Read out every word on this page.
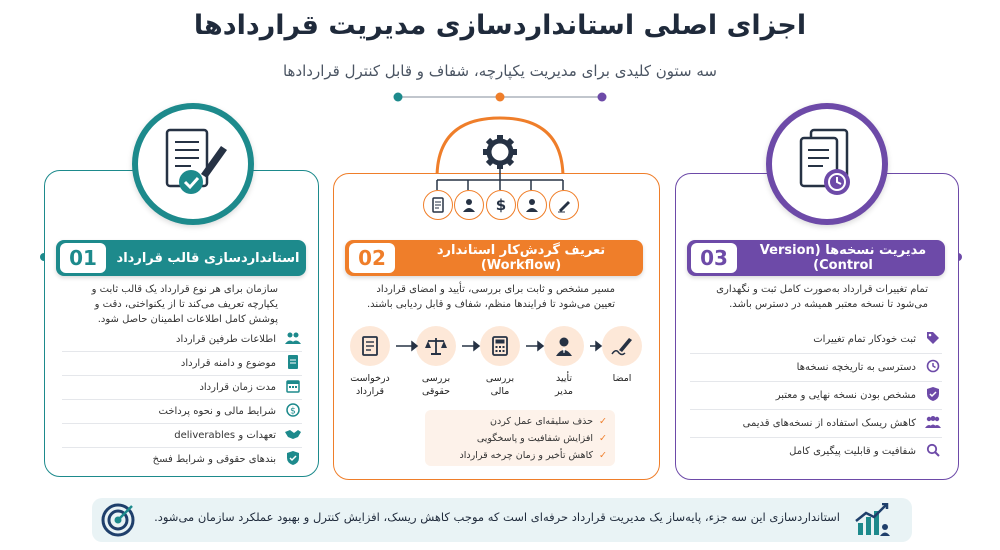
اجزای اصلی استانداردسازی مدیریت قراردادها
سه ستون کلیدی برای مدیریت یکپارچه، شفاف و قابل کنترل قراردادها
$
01	استانداردسازی قالب قرارداد	02	تعریف گردش‌کار استاندارد (Workflow)	03	مدیریت نسخه‌ها (Version Control)
سازمان برای هر نوع قرارداد یک قالب ثابت و یکپارچه تعریف می‌کند تا از یکنواختی، دقت و پوشش کامل اطلاعات اطمینان حاصل شود.
اطلاعات طرفین قرارداد
موضوع و دامنه قرارداد
مدت زمان قرارداد
$
شرایط مالی و نحوه پرداخت
تعهدات و deliverables
بندهای حقوقی و شرایط فسخ
مسیر مشخص و ثابت برای بررسی، تأیید و امضای قرارداد تعیین می‌شود تا فرایندها منظم، شفاف و قابل ردیابی باشند.
درخواست
قرارداد
بررسی
حقوقی
بررسی
مالی
تأیید
مدیر
امضا

✓
حذف سلیقه‌ای عمل کردن
✓
افزایش شفافیت و پاسخگویی
✓
کاهش تأخیر و زمان چرخه قرارداد
تمام تغییرات قرارداد به‌صورت کامل ثبت و نگهداری می‌شود تا نسخه معتبر همیشه در دسترس باشد.
ثبت خودکار تمام تغییرات
دسترسی به تاریخچه نسخه‌ها
مشخص بودن نسخه نهایی و معتبر
کاهش ریسک استفاده از نسخه‌های قدیمی
شفافیت و قابلیت پیگیری کامل
استانداردسازی این سه جزء، پایه‌ساز یک مدیریت قرارداد حرفه‌ای است که موجب کاهش ریسک، افزایش کنترل و بهبود عملکرد سازمان می‌شود.
